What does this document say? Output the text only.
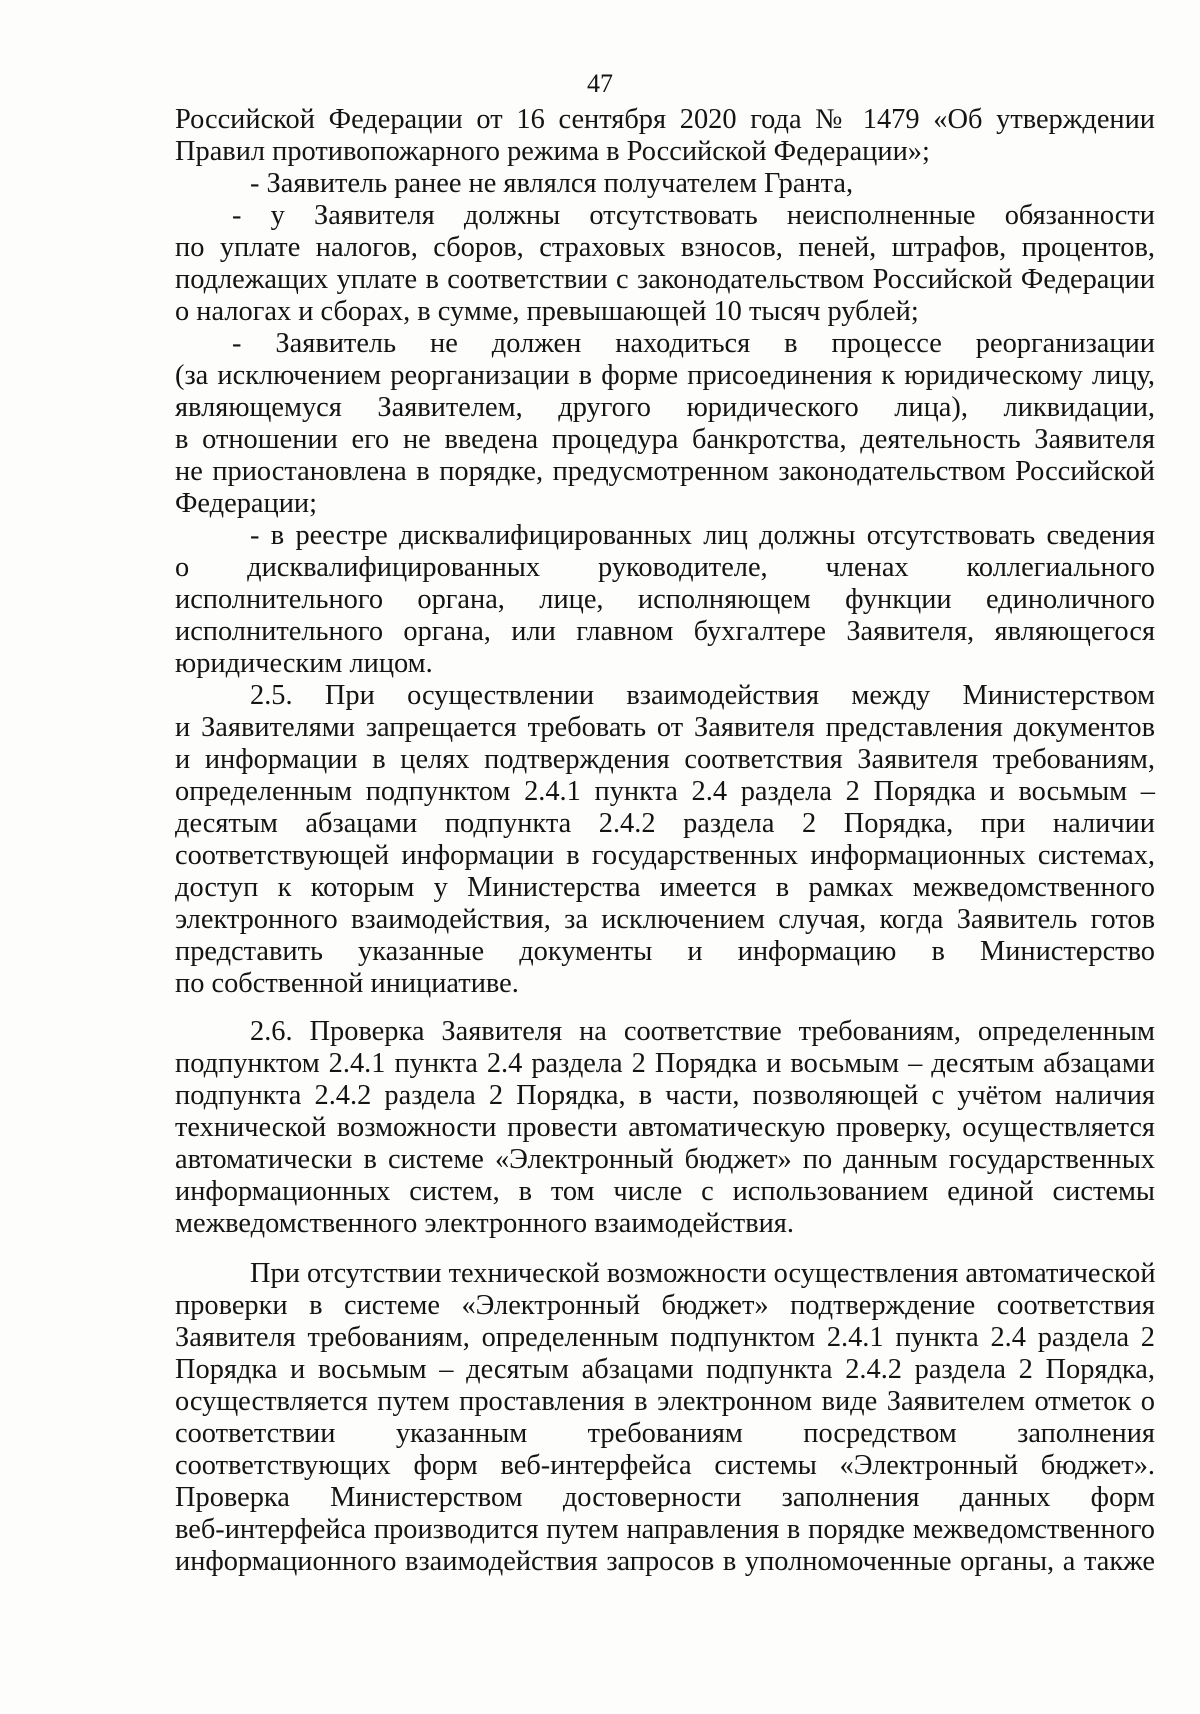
47
Российской Федерации от 16 сентября 2020 года № 1479 «Об утверждении
Правил противопожарного режима в Российской Федерации»;
- Заявитель ранее не являлся получателем Гранта,
- у Заявителя должны отсутствовать неисполненные обязанности
по уплате налогов, сборов, страховых взносов, пеней, штрафов, процентов,
подлежащих уплате в соответствии с законодательством Российской Федерации
о налогах и сборах, в сумме, превышающей 10 тысяч рублей;
- Заявитель не должен находиться в процессе реорганизации
(за исключением реорганизации в форме присоединения к юридическому лицу,
являющемуся Заявителем, другого юридического лица), ликвидации,
в отношении его не введена процедура банкротства, деятельность Заявителя
не приостановлена в порядке, предусмотренном законодательством Российской
Федерации;
- в реестре дисквалифицированных лиц должны отсутствовать сведения
о дисквалифицированных руководителе, членах коллегиального
исполнительного органа, лице, исполняющем функции единоличного
исполнительного органа, или главном бухгалтере Заявителя, являющегося
юридическим лицом.
2.5. При осуществлении взаимодействия между Министерством
и Заявителями запрещается требовать от Заявителя представления документов
и информации в целях подтверждения соответствия Заявителя требованиям,
определенным подпунктом 2.4.1 пункта 2.4 раздела 2 Порядка и восьмым –
десятым абзацами подпункта 2.4.2 раздела 2 Порядка, при наличии
соответствующей информации в государственных информационных системах,
доступ к которым у Министерства имеется в рамках межведомственного
электронного взаимодействия, за исключением случая, когда Заявитель готов
представить указанные документы и информацию в Министерство
по собственной инициативе.
2.6. Проверка Заявителя на соответствие требованиям, определенным
подпунктом 2.4.1 пункта 2.4 раздела 2 Порядка и восьмым – десятым абзацами
подпункта 2.4.2 раздела 2 Порядка, в части, позволяющей с учётом наличия
технической возможности провести автоматическую проверку, осуществляется
автоматически в системе «Электронный бюджет» по данным государственных
информационных систем, в том числе с использованием единой системы
межведомственного электронного взаимодействия.
При отсутствии технической возможности осуществления автоматической
проверки в системе «Электронный бюджет» подтверждение соответствия
Заявителя требованиям, определенным подпунктом 2.4.1 пункта 2.4 раздела 2
Порядка и восьмым – десятым абзацами подпункта 2.4.2 раздела 2 Порядка,
осуществляется путем проставления в электронном виде Заявителем отметок о
соответствии указанным требованиям посредством заполнения
соответствующих форм веб-интерфейса системы «Электронный бюджет».
Проверка Министерством достоверности заполнения данных форм
веб-интерфейса производится путем направления в порядке межведомственного
информационного взаимодействия запросов в уполномоченные органы, а также
